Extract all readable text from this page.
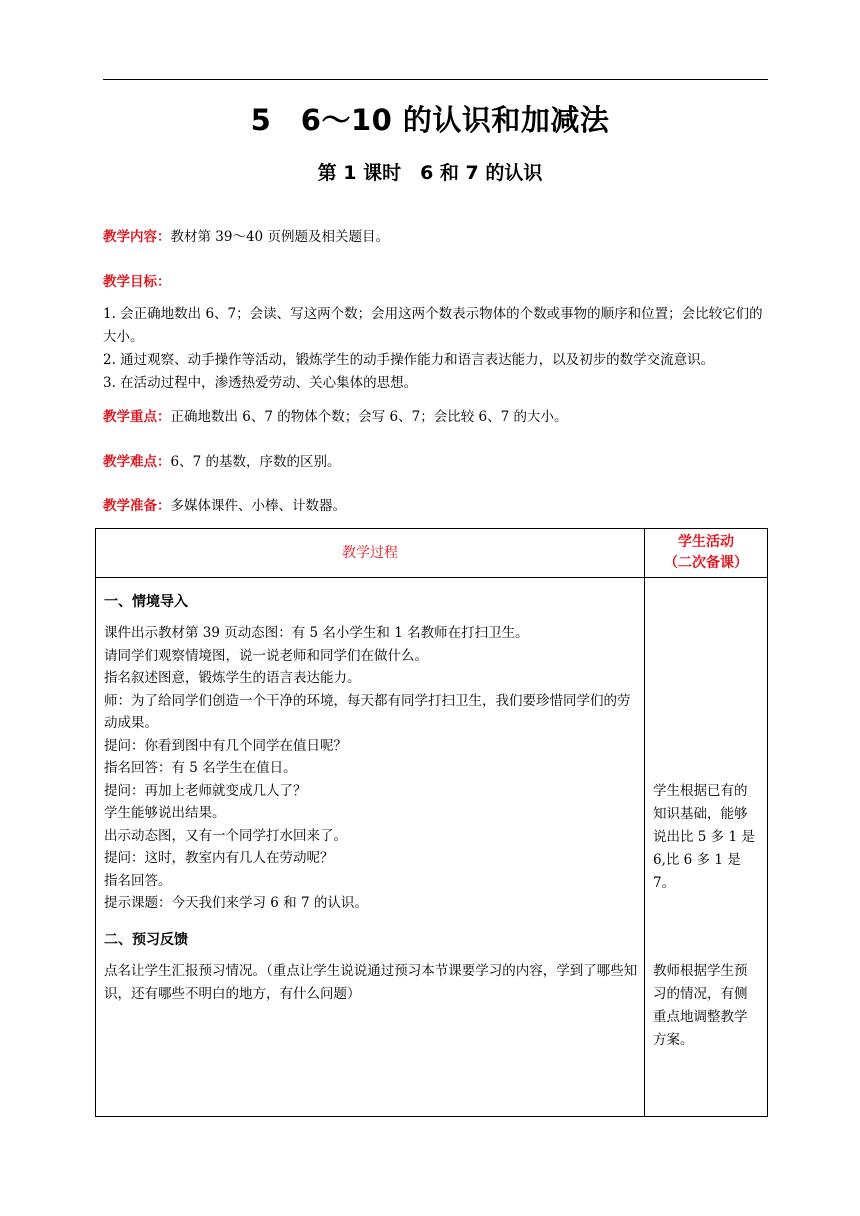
5　6～10 的认识和加减法
第 1 课时　6 和 7 的认识
教学内容：教材第 39～40 页例题及相关题目。
教学目标：

1. 会正确地数出 6、7；会读、写这两个数；会用这两个数表示物体的个数或事物的顺序和位置；会比较它们的大小。

2. 通过观察、动手操作等活动，锻炼学生的动手操作能力和语言表达能力，以及初步的数学交流意识。

3. 在活动过程中，渗透热爱劳动、关心集体的思想。

教学重点：正确地数出 6、7 的物体个数；会写 6、7；会比较 6、7 的大小。
教学难点：6、7 的基数，序数的区别。
教学准备：多媒体课件、小棒、计数器。
教学过程
学生活动
（二次备课）
一、情境导入

课件出示教材第 39 页动态图：有 5 名小学生和 1 名教师在打扫卫生。

请同学们观察情境图，说一说老师和同学们在做什么。

指名叙述图意，锻炼学生的语言表达能力。

师：为了给同学们创造一个干净的环境，每天都有同学打扫卫生，我们要珍惜同学们的劳动成果。

提问：你看到图中有几个同学在值日呢？

指名回答：有 5 名学生在值日。

提问：再加上老师就变成几人了？

学生能够说出结果。

出示动态图，又有一个同学打水回来了。

提问：这时，教室内有几人在劳动呢？

指名回答。

提示课题：今天我们来学习 6 和 7 的认识。

学生根据已有的

知识基础，能够

说出比 5 多 1 是

6,比 6 多 1 是 7。

二、预习反馈

点名让学生汇报预习情况。（重点让学生说说通过预习本节课要学习的内容，学到了哪些知识，还有哪些不明白的地方，有什么问题）

教师根据学生预

习的情况，有侧

重点地调整教学

方案。
